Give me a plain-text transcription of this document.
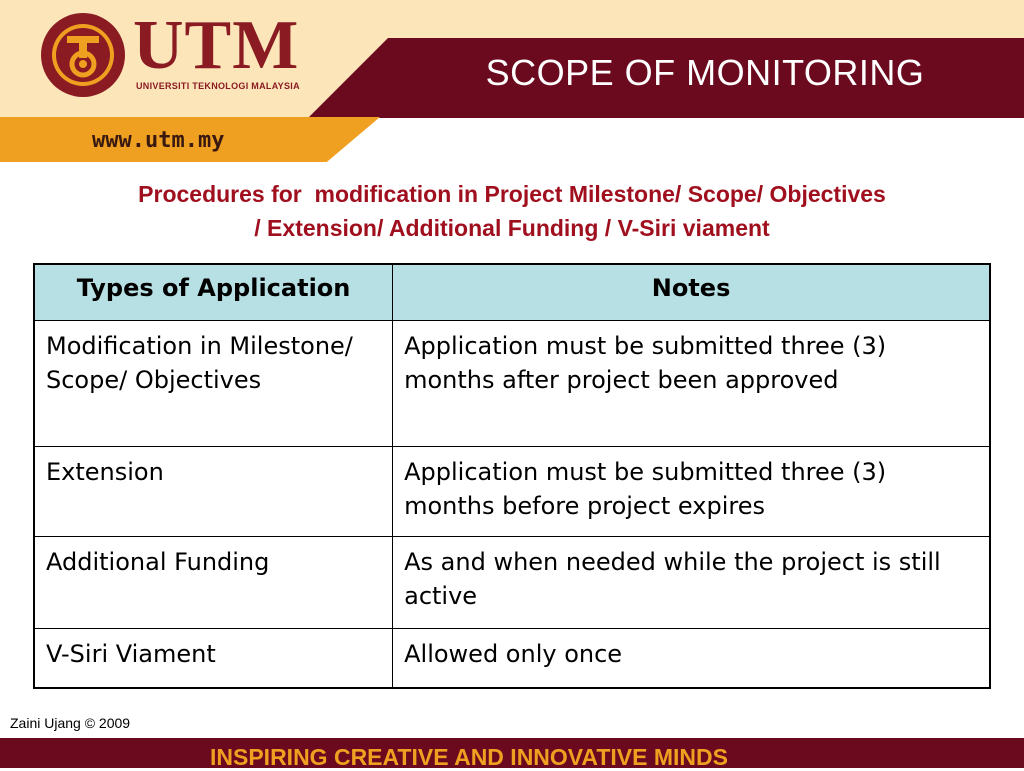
SCOPE OF MONITORING
www.utm.my
UTM
UNIVERSITI TEKNOLOGI MALAYSIA
Procedures for  modification in Project Milestone/ Scope/ Objectives
/ Extension/ Additional Funding / V-Siri viament
Types of Application	Notes
Modification in Milestone/ Scope/ Objectives	Application must be submitted three (3) months after project been approved
Extension	Application must be submitted three (3) months before project expires
Additional Funding	As and when needed while the project is still active
V-Siri Viament	Allowed only once
Zaini Ujang © 2009
INSPIRING CREATIVE AND INNOVATIVE MINDS
